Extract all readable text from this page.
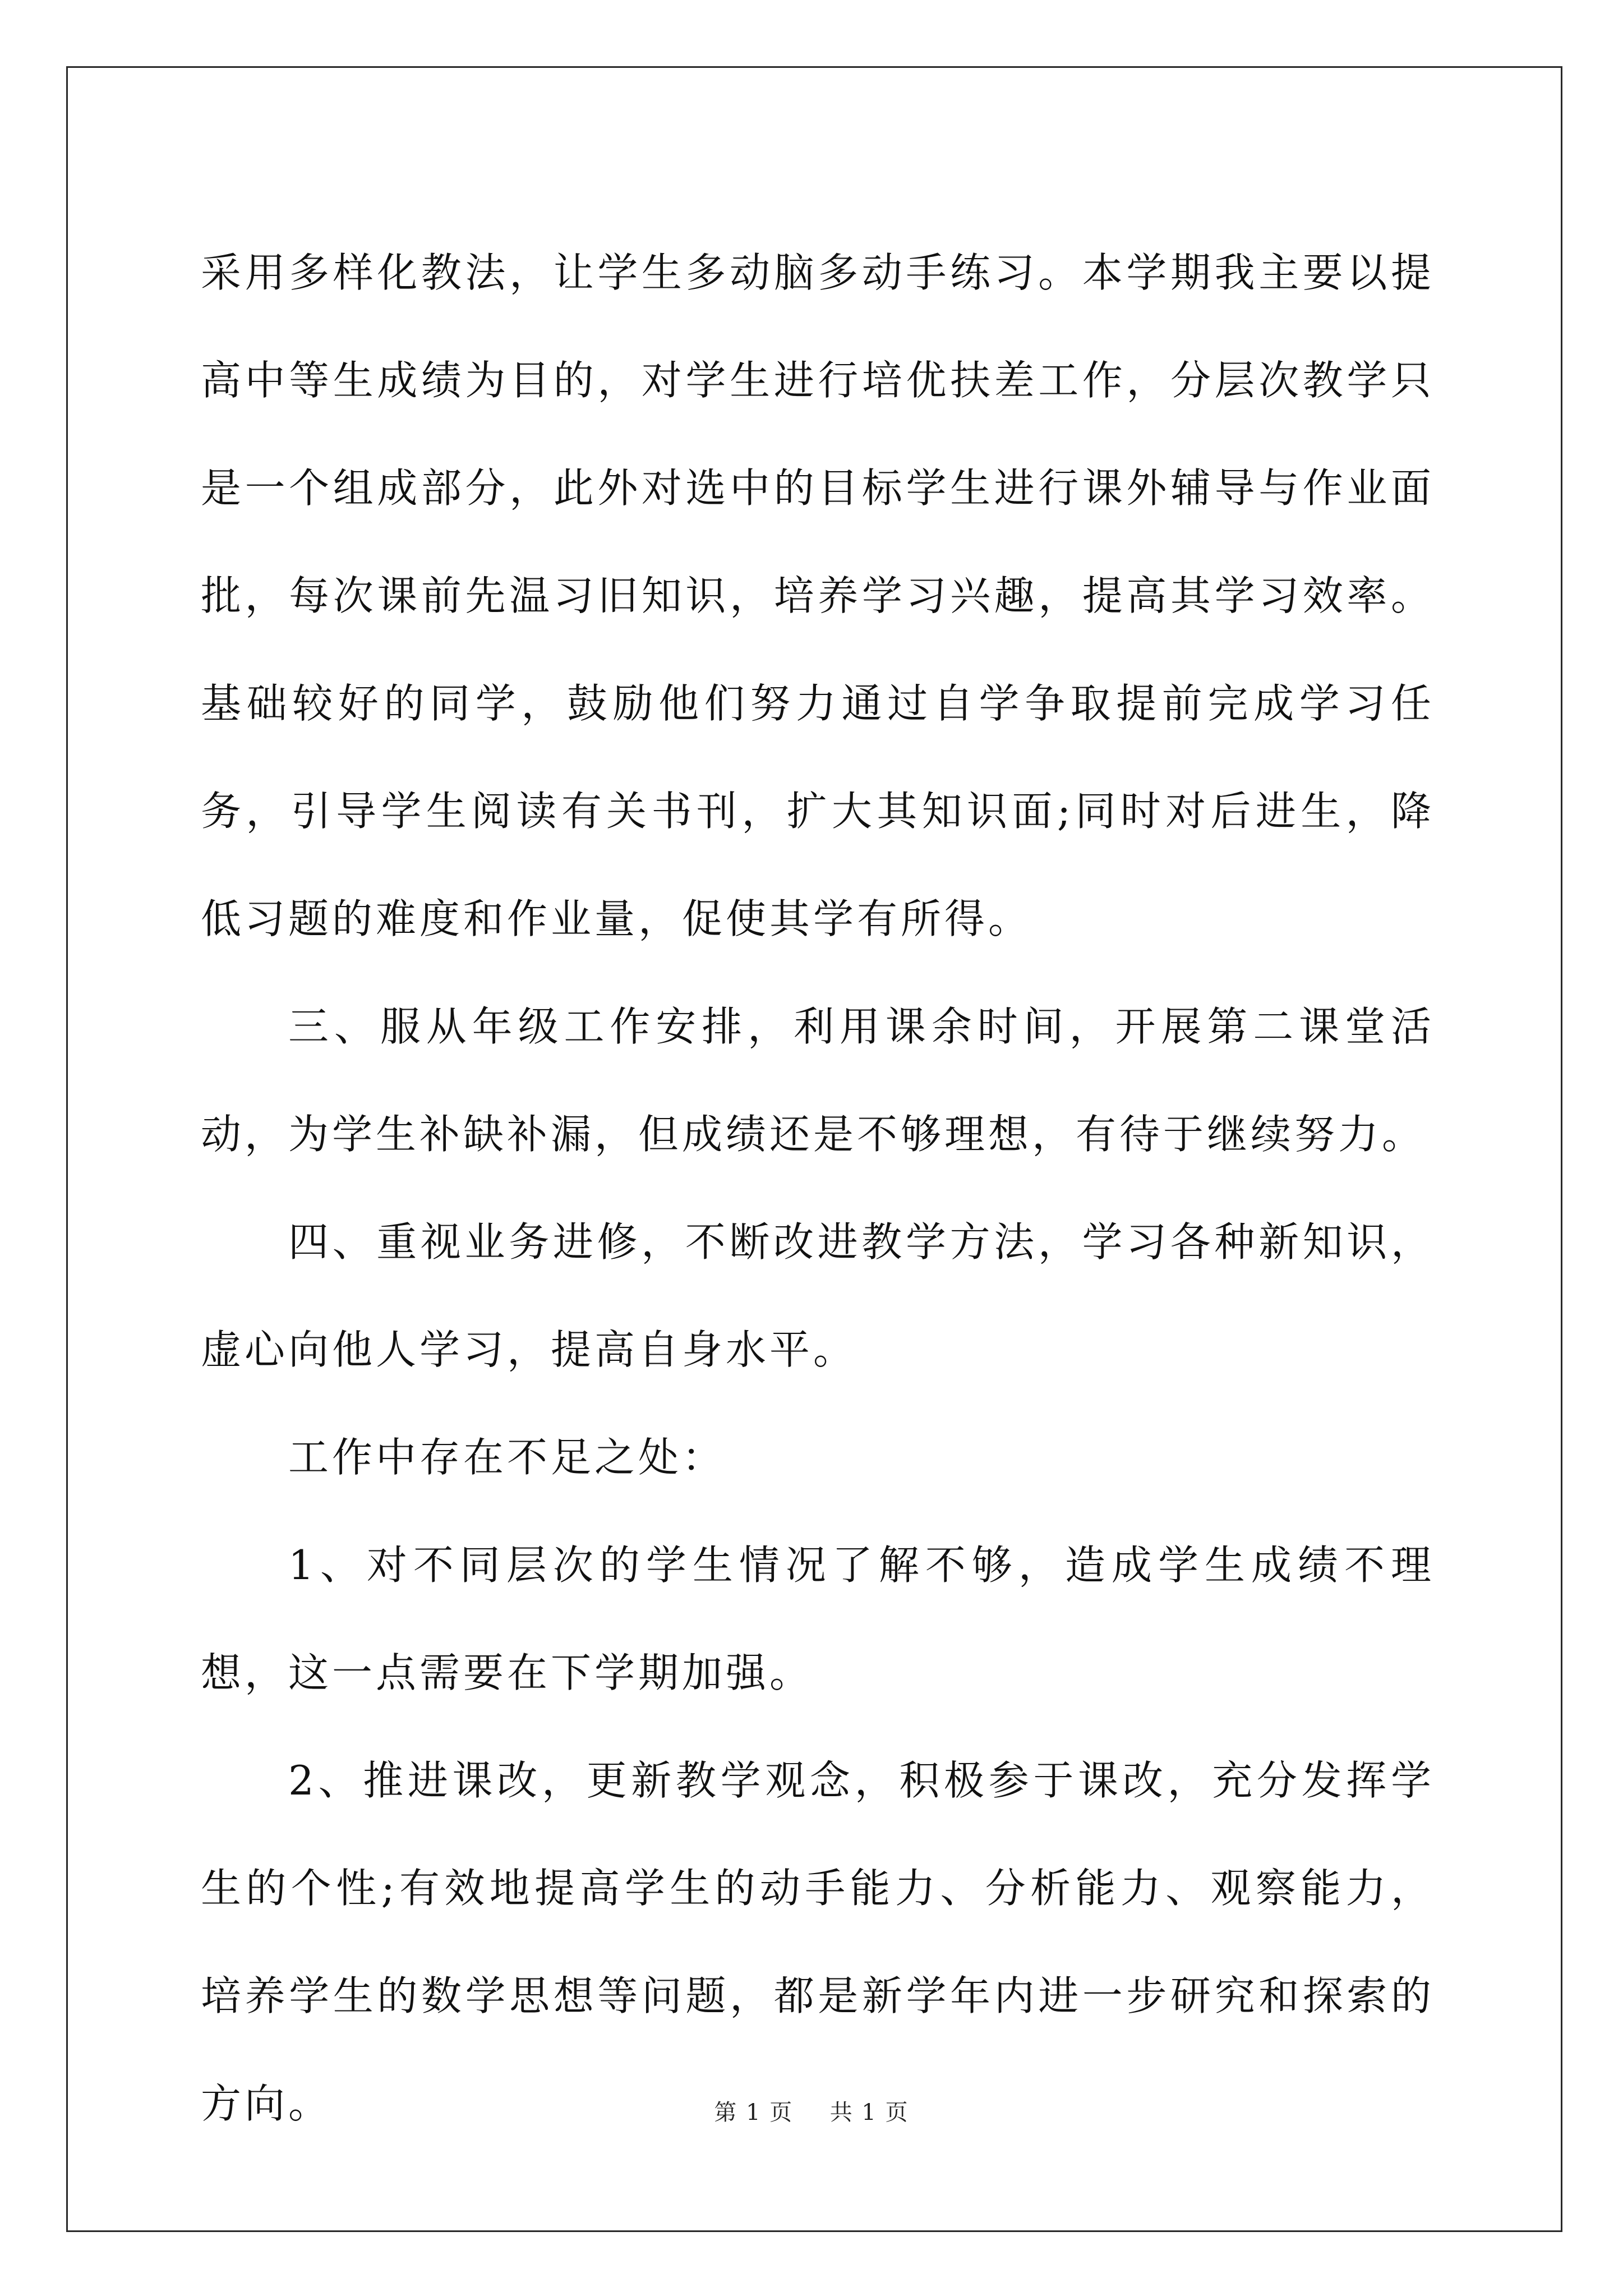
采用多样化教法，让学生多动脑多动手练习。本学期我主要以提高中等生成绩为目的，对学生进行培优扶差工作，分层次教学只是一个组成部分，此外对选中的目标学生进行课外辅导与作业面批，每次课前先温习旧知识，培养学习兴趣，提高其学习效率。基础较好的同学，鼓励他们努力通过自学争取提前完成学习任务，引导学生阅读有关书刊，扩大其知识面;同时对后进生，降低习题的难度和作业量，促使其学有所得。

三、服从年级工作安排，利用课余时间，开展第二课堂活动，为学生补缺补漏，但成绩还是不够理想，有待于继续努力。

四、重视业务进修，不断改进教学方法，学习各种新知识，虚心向他人学习，提高自身水平。

工作中存在不足之处：

1、对不同层次的学生情况了解不够，造成学生成绩不理想，这一点需要在下学期加强。

2、推进课改，更新教学观念，积极参于课改，充分发挥学生的个性;有效地提高学生的动手能力、分析能力、观察能力，培养学生的数学思想等问题，都是新学年内进一步研究和探索的方向。	第 1 页 共 1 页
